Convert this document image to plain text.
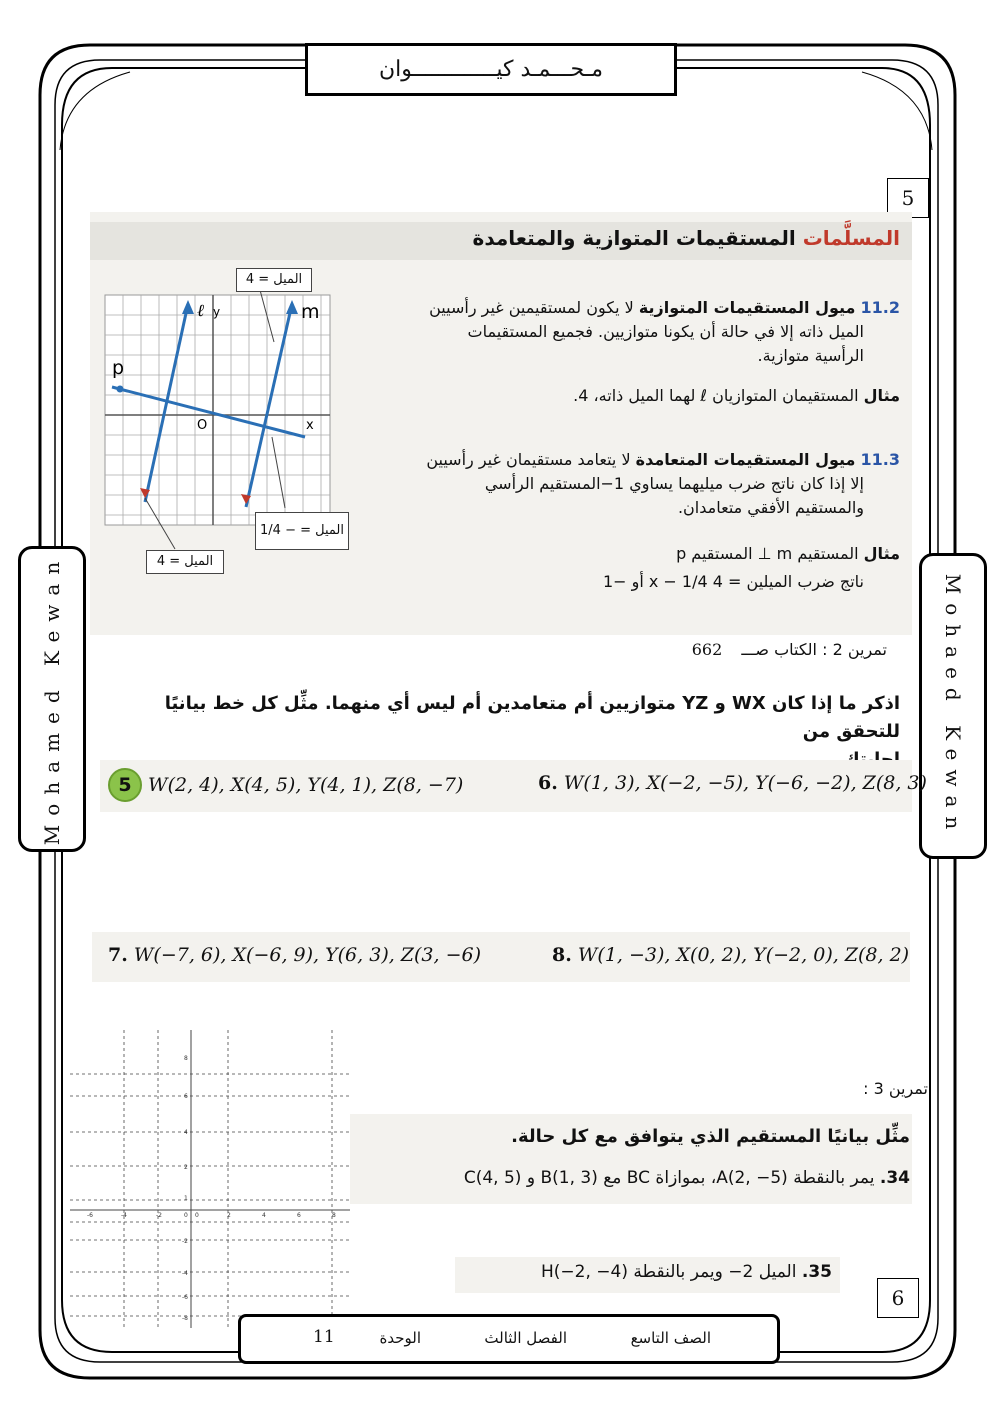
مـحـــمـد كيـــــــــــــوان
Mohamed Kewan	Mohaed Kewan
5
المسلَّمات المستقيمات المتوازية والمتعامدة
ℓ y	m
p
O	x
الميل = 4
الميل = 4
الميل = − 1/4
11.2 ميول المستقيمات المتوازية لا يكون لمستقيمين غير رأسيين
الميل ذاته إلا في حالة أن يكونا متوازيين. فجميع المستقيمات
الرأسية متوازية.
مثال المستقيمان المتوازيان ℓ لهما الميل ذاته، 4.
11.3 ميول المستقيمات المتعامدة لا يتعامد مستقيمان غير رأسيين
إلا إذا كان ناتج ضرب ميليهما يساوي 1−المستقيم الرأسي
والمستقيم الأفقي متعامدان.
مثال المستقيم m ⊥ المستقيم p
ناتج ضرب الميلين = 4 x − 1/4 أو −1
تمرين 2 : الكتاب صـــ 662
اذكر ما إذا كان WX و YZ متوازيين أم متعامدين أم ليس أي منهما. مثِّل كل خط بيانيًا للتحقق من
5 W(2, 4), X(4, 5), Y(4, 1), Z(8, −7)	6. W(1, 3), X(−2, −5), Y(−6, −2), Z(8, 3)
7. W(−7, 6), X(−6, 9), Y(6, 3), Z(3, −6)	8. W(1, −3), X(0, 2), Y(−2, 0), Z(8, 2)
تمرين 3 :
مثِّل بيانيًا المستقيم الذي يتوافق مع كل حالة.
34. يمر بالنقطة A(2, −5)، بموازاة BC مع B(1, 3) و C(4, 5)
35. الميل 2− ويمر بالنقطة H(−2, −4)
6
-6	-4	-2	0	2	4	6	8
8
6
4
2
1
0
-2
-4
-6
-8
الصف التاسع
الفصل الثالث
الوحدة
11
